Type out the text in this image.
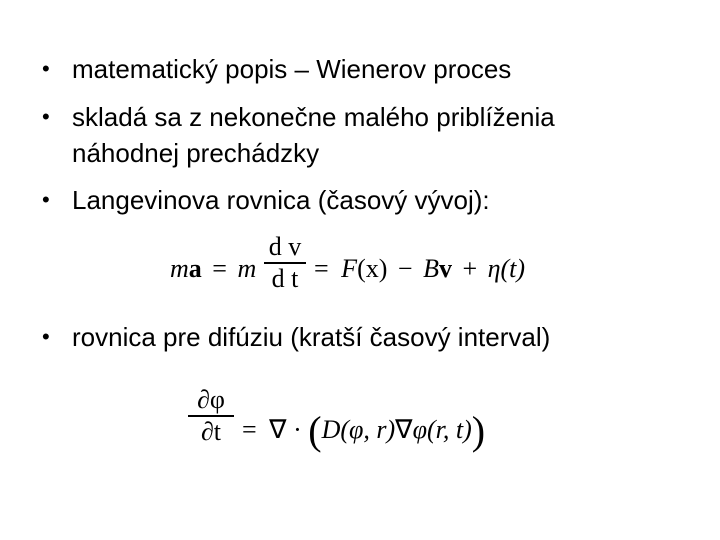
• matematický popis – Wienerov proces
• skladá sa z nekonečne malého priblíženia
náhodnej prechádzky
• Langevinova rovnica (časový vývoj):
ma = m
d v
d t = F(x) − Bv + η(t)
• rovnica pre difúziu (kratší časový interval)
∂φ
∂t = ∇ · (D(φ, r)∇φ(r, t))
